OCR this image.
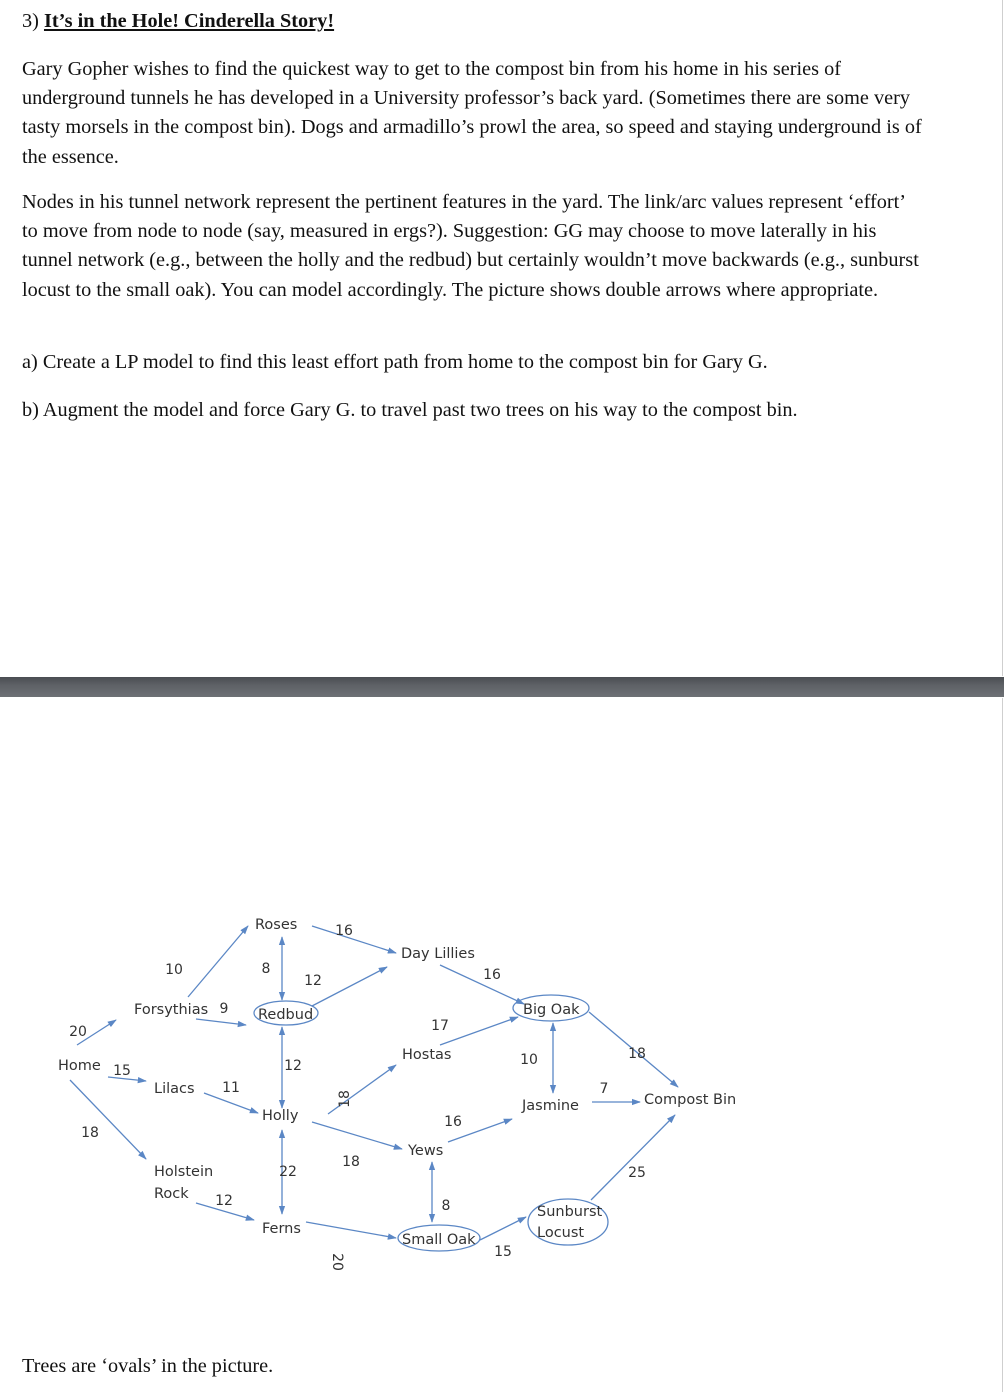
3) It’s in the Hole! Cinderella Story!

Gary Gopher wishes to find the quickest way to get to the compost bin from his home in his series of underground tunnels he has developed in a University professor’s back yard. (Sometimes there are some very tasty morsels in the compost bin). Dogs and armadillo’s prowl the area, so speed and staying underground is of the essence.

Nodes in his tunnel network represent the pertinent features in the yard. The link/arc values represent ‘effort’ to move from node to node (say, measured in ergs?). Suggestion: GG may choose to move laterally in his tunnel network (e.g., between the holly and the redbud) but certainly wouldn’t move backwards (e.g., sunburst locust to the small oak). You can model accordingly. The picture shows double arrows where appropriate.

a) Create a LP model to find this least effort path from home to the compost bin for Gary G.

b) Augment the model and force Gary G. to travel past two trees on his way to the compost bin.

Home
Forsythias
Lilacs
Holstein Rock
Roses
Redbud
Holly
Ferns
Day Lillies
Hostas
Yews
Small Oak
Big Oak
Jasmine
Sunburst Locust
Compost Bin
20
15
18
10
9
11
12
8
12
22
16
12
18
18
20
16
17
16
8
10	18
7
15
25

Trees are ‘ovals’ in the picture.
